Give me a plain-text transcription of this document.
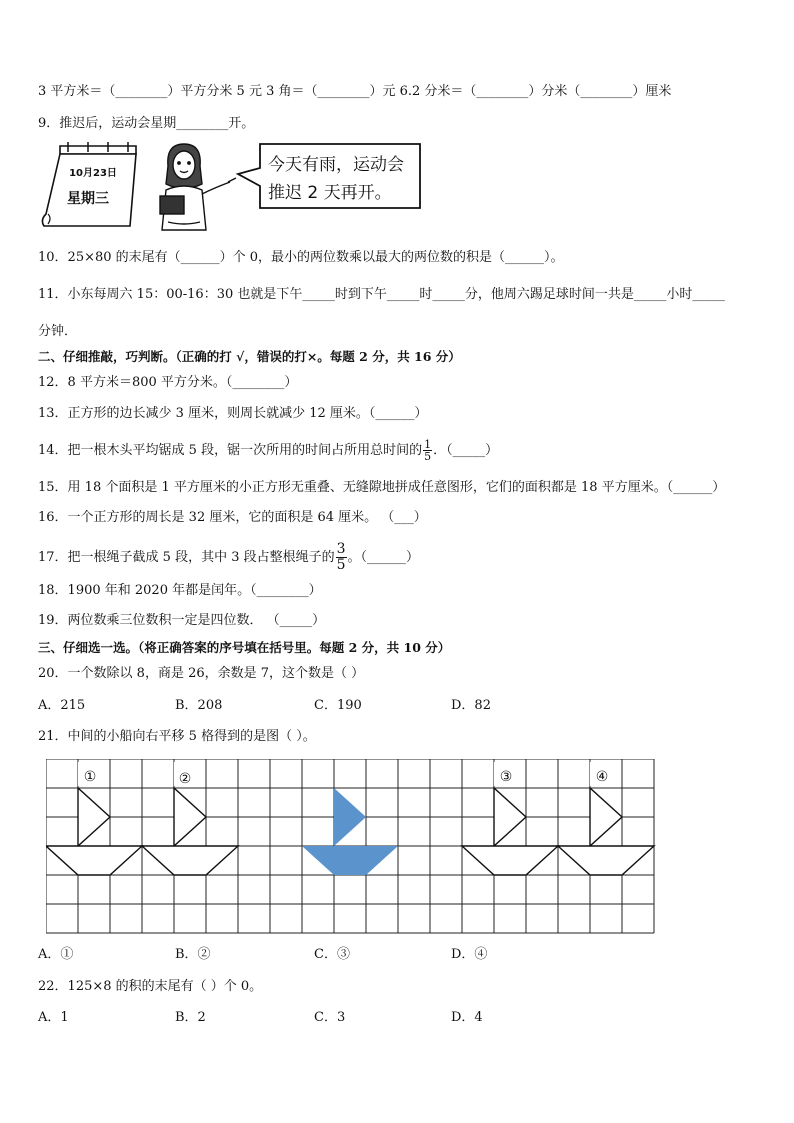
3 平方米＝（________）平方分米 5 元 3 角＝（________）元 6.2 分米＝（________）分米（________）厘米
9．推迟后，运动会星期________开。
10月23日
星期三
今天有雨，运动会
推迟 2 天再开。
10．25×80 的末尾有（______）个 0，最小的两位数乘以最大的两位数的积是（______）。
11．小东每周六 15：00-16：30 也就是下午_____时到下午_____时_____分，他周六踢足球时间一共是_____小时_____
分钟．
二、仔细推敲，巧判断。（正确的打 √，错误的打×。每题 2 分，共 16 分）
12．8 平方米＝800 平方分米。（________）
13．正方形的边长减少 3 厘米，则周长就减少 12 厘米。（______）
14．把一根木头平均锯成 5 段，锯一次所用的时间占所用总时间的 $\frac{1}{5}$ ．（_____）
15．用 18 个面积是 1 平方厘米的小正方形无重叠、无缝隙地拼成任意图形，它们的面积都是 18 平方厘米。（______）
16．一个正方形的周长是 32 厘米，它的面积是 64 厘米。 （___）
17．把一根绳子截成 5 段，其中 3 段占整根绳子的 $\frac{3}{5}$ 。（______）
18．1900 年和 2020 年都是闰年。（________）
19．两位数乘三位数积一定是四位数． （_____）
三、仔细选一选。（将正确答案的序号填在括号里。每题 2 分，共 10 分）
20．一个数除以 8，商是 26，余数是 7，这个数是（ ）
A．215	B．208	C．190	D．82
21．中间的小船向右平移 5 格得到的是图（ ）。
①	②	③	④
A．①	B．②	C．③	D．④
22．125×8 的积的末尾有（ ）个 0。
A．1	B．2	C．3	D．4
